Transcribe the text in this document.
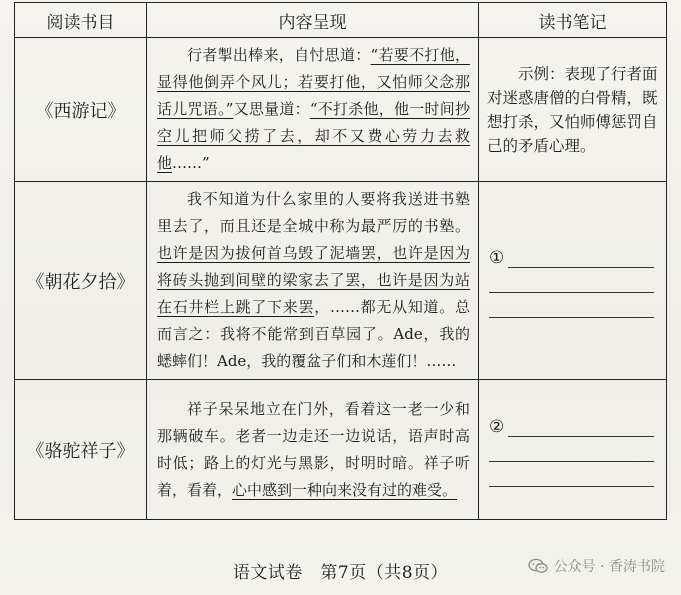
阅读书目	内容呈现	读书笔记
《西游记》	行者掣出棒来，自忖思道：“若要不打他，显得他倒弄个风儿；若要打他，又怕师父念那话儿咒语。”又思量道：“不打杀他，他一时间抄空儿把师父捞了去，却不又费心劳力去救他……”	示例：表现了行者面对迷惑唐僧的白骨精，既想打杀，又怕师傅惩罚自己的矛盾心理。

《朝花夕拾》	我不知道为什么家里的人要将我送进书塾里去了，而且还是全城中称为最严厉的书塾。也许是因为拔何首乌毁了泥墙罢，也许是因为将砖头抛到间壁的梁家去了罢，也许是因为站在石井栏上跳了下来罢，……都无从知道。总而言之：我将不能常到百草园了。Ade，我的蟋蟀们！Ade，我的覆盆子们和木莲们！……	①

《骆驼祥子》	祥子呆呆地立在门外，看着这一老一少和那辆破车。老者一边走还一边说话，语声时高时低；路上的灯光与黑影，时明时暗。祥子听着，看着，心中感到一种向来没有过的难受。	②
语文试卷　第7页（共8页）	公众号 · 香涛书院
